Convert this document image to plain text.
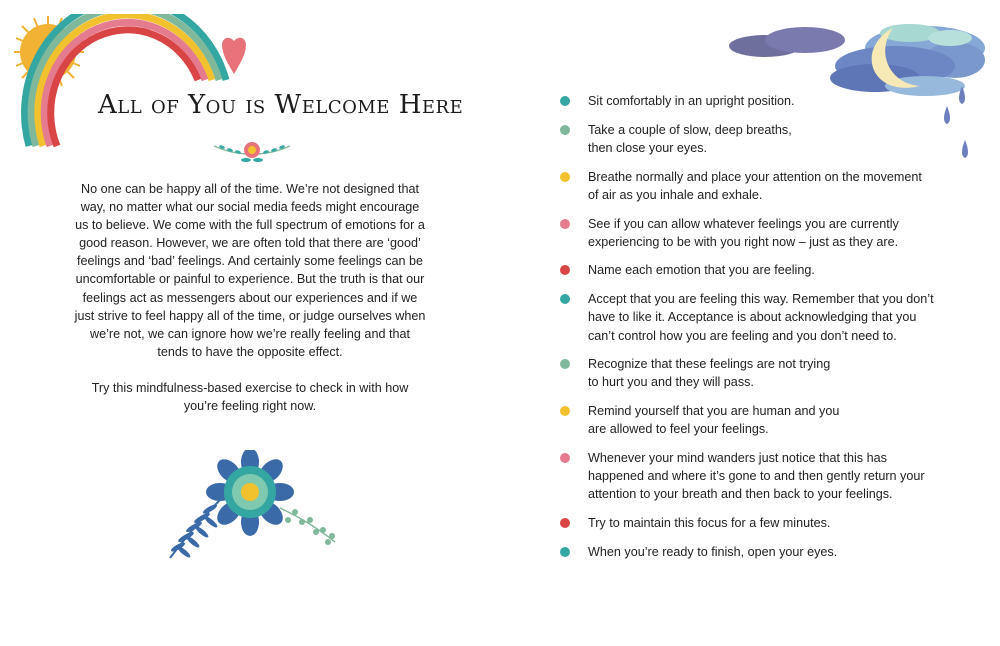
All of You is Welcome Here

No one can be happy all of the time. We’re not designed that way, no matter what our social media feeds might encourage us to believe. We come with the full spectrum of emotions for a good reason. However, we are often told that there are ‘good’ feelings and ‘bad’ feelings. And certainly some feelings can be uncomfortable or painful to experience. But the truth is that our feelings act as messengers about our experiences and if we just strive to feel happy all of the time, or judge ourselves when we’re not, we can ignore how we’re really feeling and that tends to have the opposite effect.

Try this mindfulness-based exercise to check in with how you’re feeling right now.

Sit comfortably in an upright position.
Take a couple of slow, deep breaths,
then close your eyes.
Breathe normally and place your attention on the movement
of air as you inhale and exhale.
See if you can allow whatever feelings you are currently
experiencing to be with you right now – just as they are.
Name each emotion that you are feeling.
Accept that you are feeling this way. Remember that you don’t
have to like it. Acceptance is about acknowledging that you
can’t control how you are feeling and you don’t need to.
Recognize that these feelings are not trying
to hurt you and they will pass.
Remind yourself that you are human and you
are allowed to feel your feelings.
Whenever your mind wanders just notice that this has
happened and where it’s gone to and then gently return your
attention to your breath and then back to your feelings.
Try to maintain this focus for a few minutes.
When you’re ready to finish, open your eyes.
